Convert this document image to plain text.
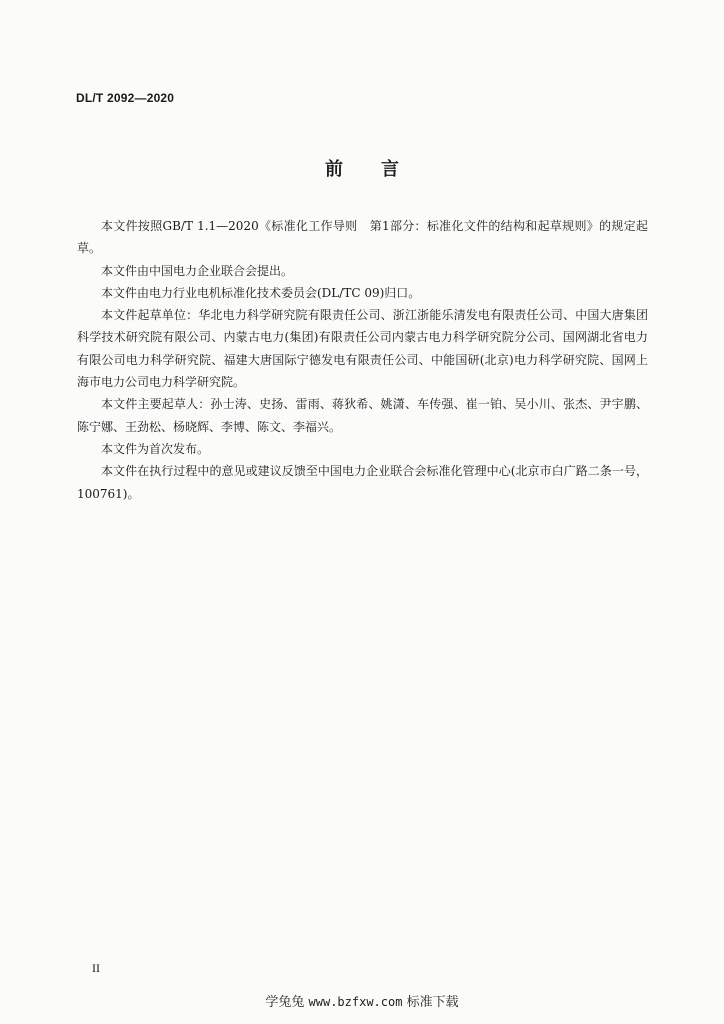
DL/T 2092—2020
前言

本文件按照GB/T 1.1—2020《标准化工作导则　第1部分：标准化文件的结构和起草规则》的规定起草。

本文件由中国电力企业联合会提出。

本文件由电力行业电机标准化技术委员会(DL/TC 09)归口。

本文件起草单位：华北电力科学研究院有限责任公司、浙江浙能乐清发电有限责任公司、中国大唐集团科学技术研究院有限公司、内蒙古电力(集团)有限责任公司内蒙古电力科学研究院分公司、国网湖北省电力有限公司电力科学研究院、福建大唐国际宁德发电有限责任公司、中能国研(北京)电力科学研究院、国网上海市电力公司电力科学研究院。

本文件主要起草人：孙士涛、史扬、雷雨、蒋狄希、姚潇、车传强、崔一铂、吴小川、张杰、尹宇鹏、陈宁娜、王劲松、杨晓辉、李博、陈文、李福兴。

本文件为首次发布。

本文件在执行过程中的意见或建议反馈至中国电力企业联合会标准化管理中心(北京市白广路二条一号，100761)。

II
学兔兔 www.bzfxw.com 标准下载
